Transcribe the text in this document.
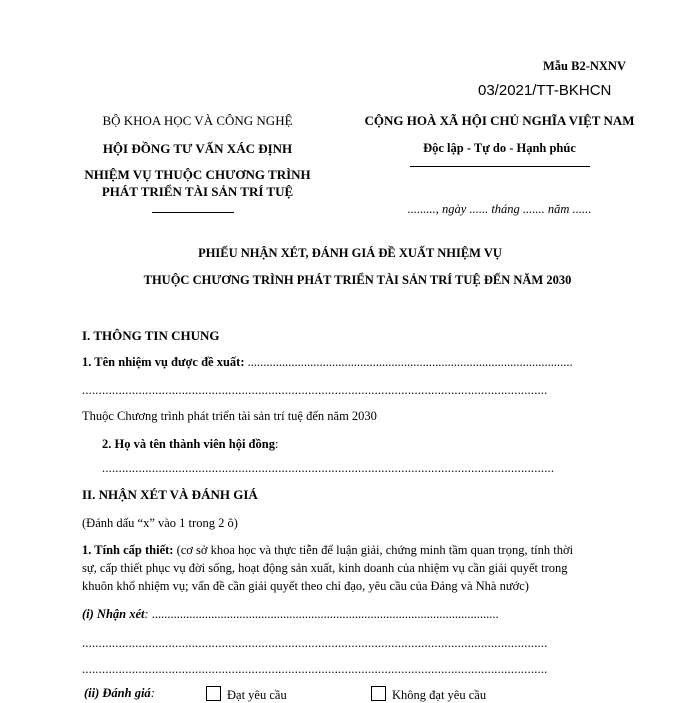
Mẫu B2-NXNV
03/2021/TT-BKHCN
BỘ KHOA HỌC VÀ CÔNG NGHỆ
HỘI ĐỒNG TƯ VẤN XÁC ĐỊNH
NHIỆM VỤ THUỘC CHƯƠNG TRÌNH
PHÁT TRIỂN TÀI SẢN TRÍ TUỆ
CỘNG HOÀ XÃ HỘI CHỦ NGHĨA VIỆT NAM
Độc lập - Tự do - Hạnh phúc
........., ngày ...... tháng ....... năm ......
PHIẾU NHẬN XÉT, ĐÁNH GIÁ ĐỀ XUẤT NHIỆM VỤ
THUỘC CHƯƠNG TRÌNH PHÁT TRIỂN TÀI SẢN TRÍ TUỆ ĐẾN NĂM 2030
I. THÔNG TIN CHUNG
1. Tên nhiệm vụ được đề xuất: ........................................................................................................
............................................................................................................................................
Thuộc Chương trình phát triển tài sản trí tuệ đến năm 2030
2. Họ và tên thành viên hội đồng:
........................................................................................................................................
II. NHẬN XÉT VÀ ĐÁNH GIÁ
(Đánh dấu “x” vào 1 trong 2 ô)
1. Tính cấp thiết: (cơ sở khoa học và thực tiễn để luận giải, chứng minh tầm quan trọng, tính thời
sự, cấp thiết phục vụ đời sống, hoạt động sản xuất, kinh doanh của nhiệm vụ cần giải quyết trong
khuôn khổ nhiệm vụ; vấn đề cần giải quyết theo chỉ đạo, yêu cầu của Đảng và Nhà nước)
(i) Nhận xét: ...............................................................................................................
............................................................................................................................................
............................................................................................................................................
(ii) Đánh giá:	Đạt yêu cầu	Không đạt yêu cầu
